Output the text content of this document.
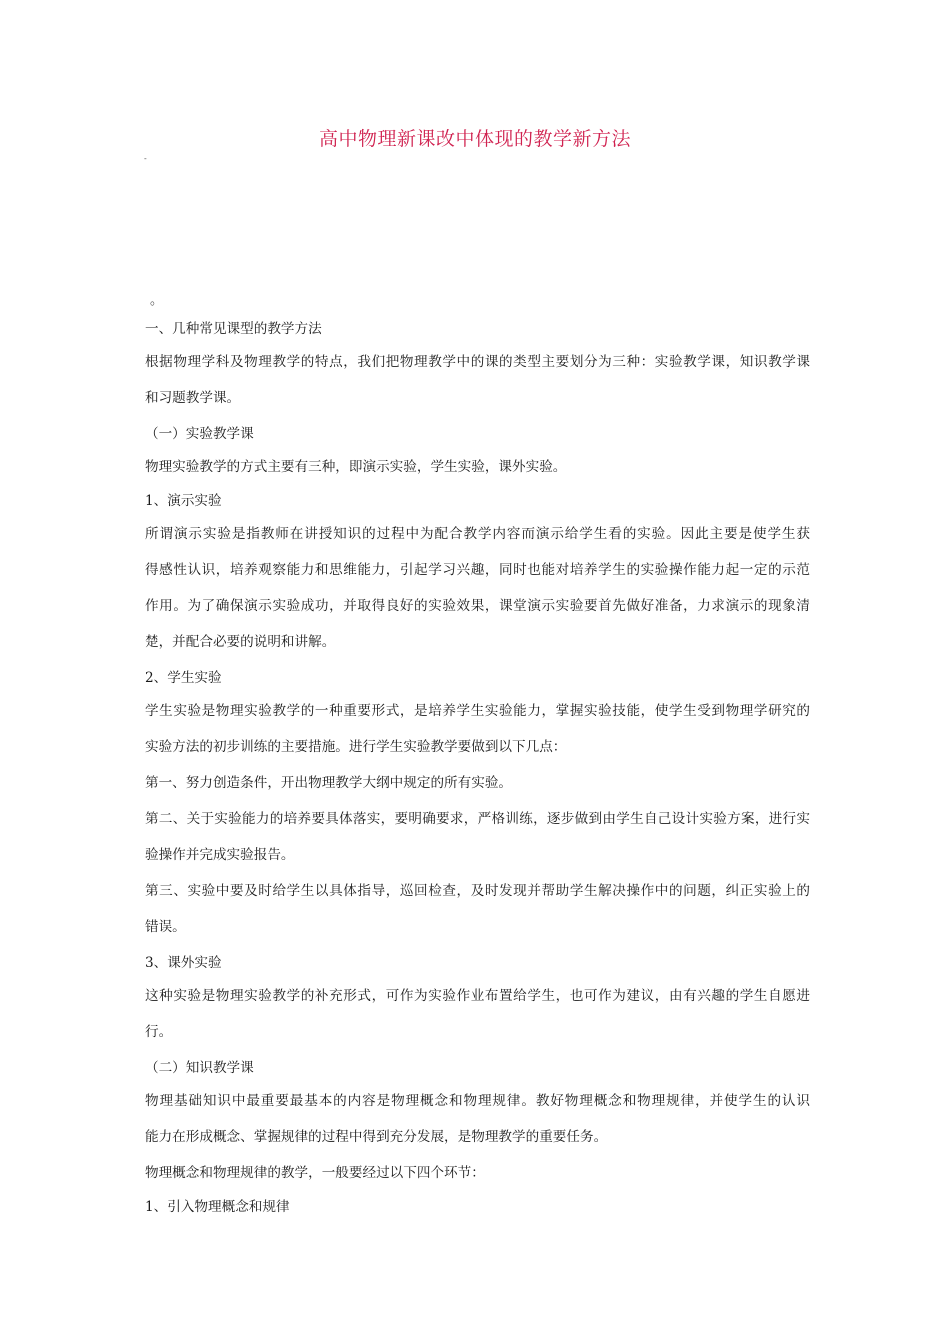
高中物理新课改中体现的教学新方法
-
。

一、几种常见课型的教学方法

根据物理学科及物理教学的特点，我们把物理教学中的课的类型主要划分为三种：实验教学课，知识教学课

和习题教学课。

（一）实验教学课

物理实验教学的方式主要有三种，即演示实验，学生实验，课外实验。

1、演示实验

所谓演示实验是指教师在讲授知识的过程中为配合教学内容而演示给学生看的实验。因此主要是使学生获

得感性认识，培养观察能力和思维能力，引起学习兴趣，同时也能对培养学生的实验操作能力起一定的示范

作用。为了确保演示实验成功，并取得良好的实验效果，课堂演示实验要首先做好准备，力求演示的现象清

楚，并配合必要的说明和讲解。

2、学生实验

学生实验是物理实验教学的一种重要形式，是培养学生实验能力，掌握实验技能，使学生受到物理学研究的

实验方法的初步训练的主要措施。进行学生实验教学要做到以下几点：

第一、努力创造条件，开出物理教学大纲中规定的所有实验。

第二、关于实验能力的培养要具体落实，要明确要求，严格训练，逐步做到由学生自己设计实验方案，进行实

验操作并完成实验报告。

第三、实验中要及时给学生以具体指导，巡回检查，及时发现并帮助学生解决操作中的问题，纠正实验上的

错误。

3、课外实验

这种实验是物理实验教学的补充形式，可作为实验作业布置给学生，也可作为建议，由有兴趣的学生自愿进

行。

（二）知识教学课

物理基础知识中最重要最基本的内容是物理概念和物理规律。教好物理概念和物理规律，并使学生的认识

能力在形成概念、掌握规律的过程中得到充分发展，是物理教学的重要任务。

物理概念和物理规律的教学，一般要经过以下四个环节：

1、引入物理概念和规律
